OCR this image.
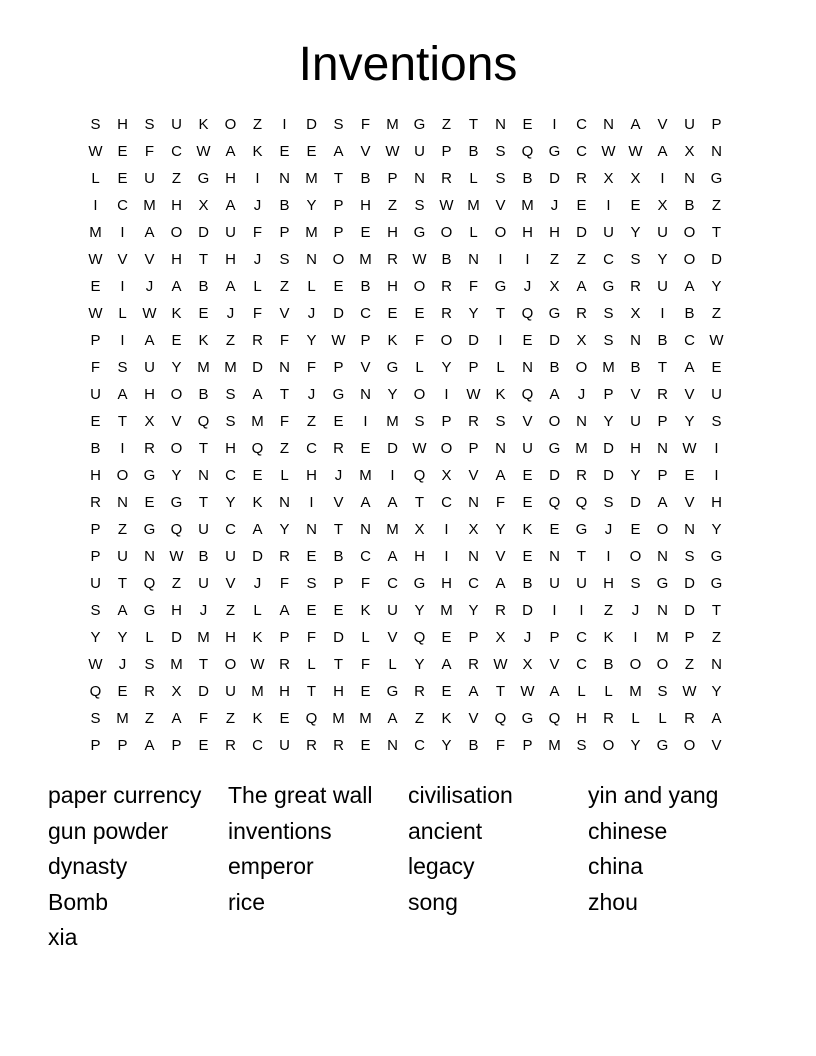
Inventions
S	H	S	U	K	O	Z	I	D	S	F	M G	Z	T	N	E	I	C	N	A	V	U	P
W E	F	C W A	K	E	E	A	V W U	P	B	S	Q	G	C W W A	X	N
L	E	U	Z	G	H	I	N	M	T	B	P	N	R	L	S	B	D	R	X	X	I	N	G
I	C	M	H	X	A	J	B	Y	P	H	Z	S W M	V	M	J	E	I	E	X	B	Z
M	I	A	O	D	U	F	P	M	P	E	H	G	O	L	O	H	H	D	U	Y	U	O	T
W V	V	H	T	H	J	S	N	O M	R W B	N	I	I	Z	Z	C	S	Y	O	D
E	I	J	A	B	A	L	Z	L	E	B	H	O	R	F	G	J	X	A	G	R	U	A	Y
W	L	W K	E	J	F	V	J	D	C	E	E	R	Y	T	Q	G	R	S	X	I	B	Z
P	I	A	E	K	Z	R	F	Y W P	K	F	O	D	I	E	D	X	S	N	B	C W
F	S	U	Y	M M	D	N	F	P	V	G	L	Y	P	L	N	B	O M	B	T	A	E
U	A	H	O	B	S	A	T	J	G	N	Y	O	I	W K	Q	A	J	P	V	R	V	U
E	T	X	V	Q	S	M	F	Z	E	I	M	S	P	R	S	V	O	N	Y	U	P	Y	S
B	I	R	O	T	H	Q	Z	C	R	E	D W O	P	N	U	G M	D	H	N W	I
H	O	G	Y	N	C	E	L	H	J	M	I	Q	X	V	A	E	D	R	D	Y	P	E	I
R	N	E	G	T	Y	K	N	I	V	A	A	T	C	N	F	E	Q	Q	S	D	A	V	H
P	Z	G	Q	U	C	A	Y	N	T	N	M	X	I	X	Y	K	E	G	J	E	O	N	Y
P	U	N W B	U	D	R	E	B	C	A	H	I	N	V	E	N	T	I	O	N	S	G
U	T	Q	Z	U	V	J	F	S	P	F	C	G	H	C	A	B	U	U	H	S	G	D	G
S	A	G	H	J	Z	L	A	E	E	K	U	Y	M	Y	R	D	I	I	Z	J	N	D	T
Y	Y	L	D	M	H	K	P	F	D	L	V	Q	E	P	X	J	P	C	K	I	M	P	Z
W	J	S	M	T	O W R	L	T	F	L	Y	A	R W X	V	C	B	O	O	Z	N
Q	E	R	X	D	U	M	H	T	H	E	G	R	E	A	T	W A	L	L	M	S W Y
S	M	Z	A	F	Z	K	E	Q M M	A	Z	K	V	Q	G	Q	H	R	L	L	R	A
P	P	A	P	E	R	C	U	R	R	E	N	C	Y	B	F	P	M	S	O	Y	G	O	V
paper currency	The great wall	civilisation	yin and yang
gun powder	inventions	ancient	chinese
dynasty	emperor	legacy	china
Bomb	rice	song	zhou
xia
